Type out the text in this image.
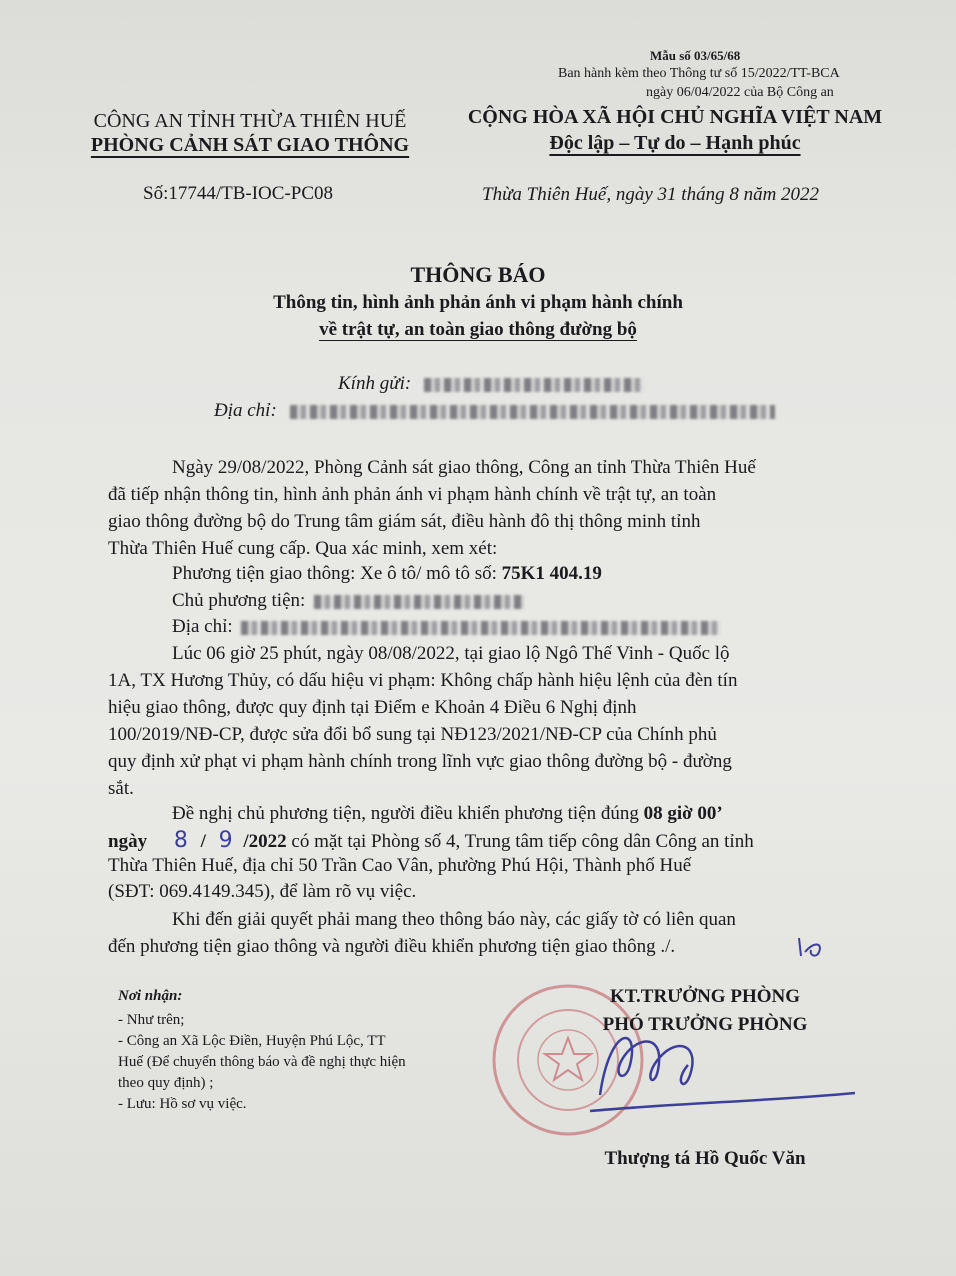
Mẫu số 03/65/68
Ban hành kèm theo Thông tư số 15/2022/TT-BCA
ngày 06/04/2022 của Bộ Công an
CÔNG AN TỈNH THỪA THIÊN HUẾ
PHÒNG CẢNH SÁT GIAO THÔNG
Số:17744/TB-IOC-PC08
CỘNG HÒA XÃ HỘI CHỦ NGHĨA VIỆT NAM
Độc lập – Tự do – Hạnh phúc
Thừa Thiên Huế, ngày 31 tháng 8 năm 2022
THÔNG BÁO
Thông tin, hình ảnh phản ánh vi phạm hành chính
về trật tự, an toàn giao thông đường bộ
Kính gửi:
Địa chỉ:
Ngày 29/08/2022, Phòng Cảnh sát giao thông, Công an tỉnh Thừa Thiên Huế
đã tiếp nhận thông tin, hình ảnh phản ánh vi phạm hành chính về trật tự, an toàn
giao thông đường bộ do Trung tâm giám sát, điều hành đô thị thông minh tỉnh
Thừa Thiên Huế cung cấp. Qua xác minh, xem xét:
Phương tiện giao thông: Xe ô tô/ mô tô số: 75K1 404.19
Chủ phương tiện:
Địa chỉ:
Lúc 06 giờ 25 phút, ngày 08/08/2022, tại giao lộ Ngô Thế Vinh - Quốc lộ
1A, TX Hương Thủy, có dấu hiệu vi phạm: Không chấp hành hiệu lệnh của đèn tín
hiệu giao thông, được quy định tại Điểm e Khoản 4 Điều 6 Nghị định
100/2019/NĐ-CP, được sửa đổi bổ sung tại NĐ123/2021/NĐ-CP của Chính phủ
quy định xử phạt vi phạm hành chính trong lĩnh vực giao thông đường bộ - đường
sắt.
Đề nghị chủ phương tiện, người điều khiển phương tiện đúng 08 giờ 00’
ngày 8 / 9 /2022 có mặt tại Phòng số 4, Trung tâm tiếp công dân Công an tỉnh
Thừa Thiên Huế, địa chỉ 50 Trần Cao Vân, phường Phú Hội, Thành phố Huế
(SĐT: 069.4149.345), để làm rõ vụ việc.
Khi đến giải quyết phải mang theo thông báo này, các giấy tờ có liên quan
đến phương tiện giao thông và người điều khiển phương tiện giao thông ./.
Nơi nhận:
- Như trên;
- Công an Xã Lộc Điền, Huyện Phú Lộc, TT
Huế (Để chuyển thông báo và đề nghị thực hiện
theo quy định) ;
- Lưu: Hồ sơ vụ việc.
KT.TRƯỞNG PHÒNG
PHÓ TRƯỞNG PHÒNG
Thượng tá Hồ Quốc Văn
